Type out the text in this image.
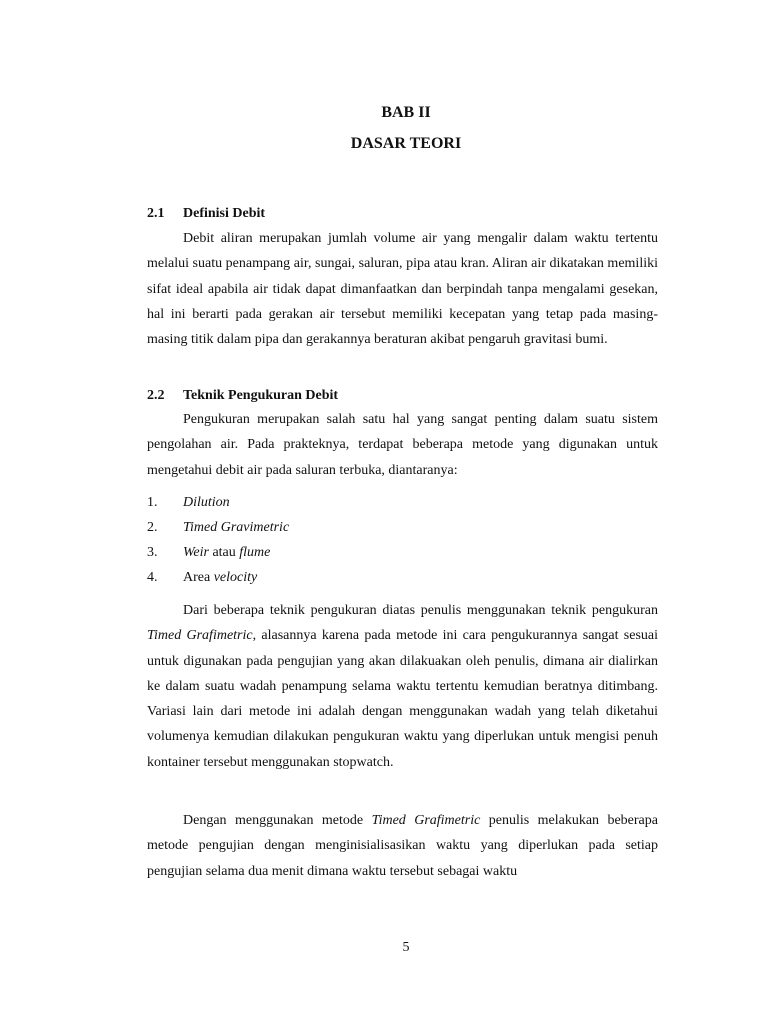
BAB II
DASAR TEORI
2.1 Definisi Debit
Debit aliran merupakan jumlah volume air yang mengalir dalam waktu tertentu melalui suatu penampang air, sungai, saluran, pipa atau kran. Aliran air dikatakan memiliki sifat ideal apabila air tidak dapat dimanfaatkan dan berpindah tanpa mengalami gesekan, hal ini berarti pada gerakan air tersebut memiliki kecepatan yang tetap pada masing-masing titik dalam pipa dan gerakannya beraturan akibat pengaruh gravitasi bumi.
2.2 Teknik Pengukuran Debit
Pengukuran merupakan salah satu hal yang sangat penting dalam suatu sistem pengolahan air. Pada prakteknya, terdapat beberapa metode yang digunakan untuk mengetahui debit air pada saluran terbuka, diantaranya:
1. Dilution
2. Timed Gravimetric
3. Weir atau flume
4. Area velocity
Dari beberapa teknik pengukuran diatas penulis menggunakan teknik pengukuran Timed Grafimetric, alasannya karena pada metode ini cara pengukurannya sangat sesuai untuk digunakan pada pengujian yang akan dilakuakan oleh penulis, dimana air dialirkan ke dalam suatu wadah penampung selama waktu tertentu kemudian beratnya ditimbang. Variasi lain dari metode ini adalah dengan menggunakan wadah yang telah diketahui volumenya kemudian dilakukan pengukuran waktu yang diperlukan untuk mengisi penuh kontainer tersebut menggunakan stopwatch.
Dengan menggunakan metode Timed Grafimetric penulis melakukan beberapa metode pengujian dengan menginisialisasikan waktu yang diperlukan pada setiap pengujian selama dua menit dimana waktu tersebut sebagai waktu
5
